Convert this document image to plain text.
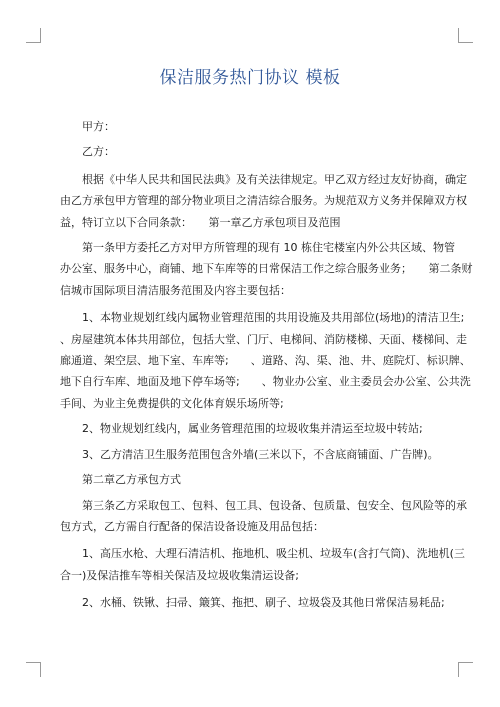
保洁服务热门协议 模板

甲方：

乙方：

根据《中华人民共和国民法典》及有关法律规定。甲乙双方经过友好协商，确定

由乙方承包甲方管理的部分物业项目之清洁综合服务。为规范双方义务并保障双方权

益，特订立以下合同条款：　　第一章乙方承包项目及范围

第一条甲方委托乙方对甲方所管理的现有 10 栋住宅楼室内外公共区域、物管

办公室、服务中心，商铺、地下车库等的日常保洁工作之综合服务业务；　　第二条财

信城市国际项目清洁服务范围及内容主要包括：

1、本物业规划红线内属物业管理范围的共用设施及共用部位(场地)的清洁卫生;

、房屋建筑本体共用部位，包括大堂、门厅、电梯间、消防楼梯、天面、楼梯间、走

廊通道、架空层、地下室、车库等;　　、道路、沟、渠、池、井、庭院灯、标识牌、

地下自行车库、地面及地下停车场等;　　、物业办公室、业主委员会办公室、公共洗

手间、为业主免费提供的文化体育娱乐场所等;

2、物业规划红线内，属业务管理范围的垃圾收集并清运至垃圾中转站;

3、乙方清洁卫生服务范围包含外墙(三米以下，不含底商铺面、广告牌)。

第二章乙方承包方式

第三条乙方采取包工、包料、包工具、包设备、包质量、包安全、包风险等的承

包方式，乙方需自行配备的保洁设备设施及用品包括：

1、高压水枪、大理石清洁机、拖地机、吸尘机、垃圾车(含打气筒)、洗地机(三

合一)及保洁推车等相关保洁及垃圾收集清运设备;

2、水桶、铁锹、扫帚、簸箕、拖把、刷子、垃圾袋及其他日常保洁易耗品;
